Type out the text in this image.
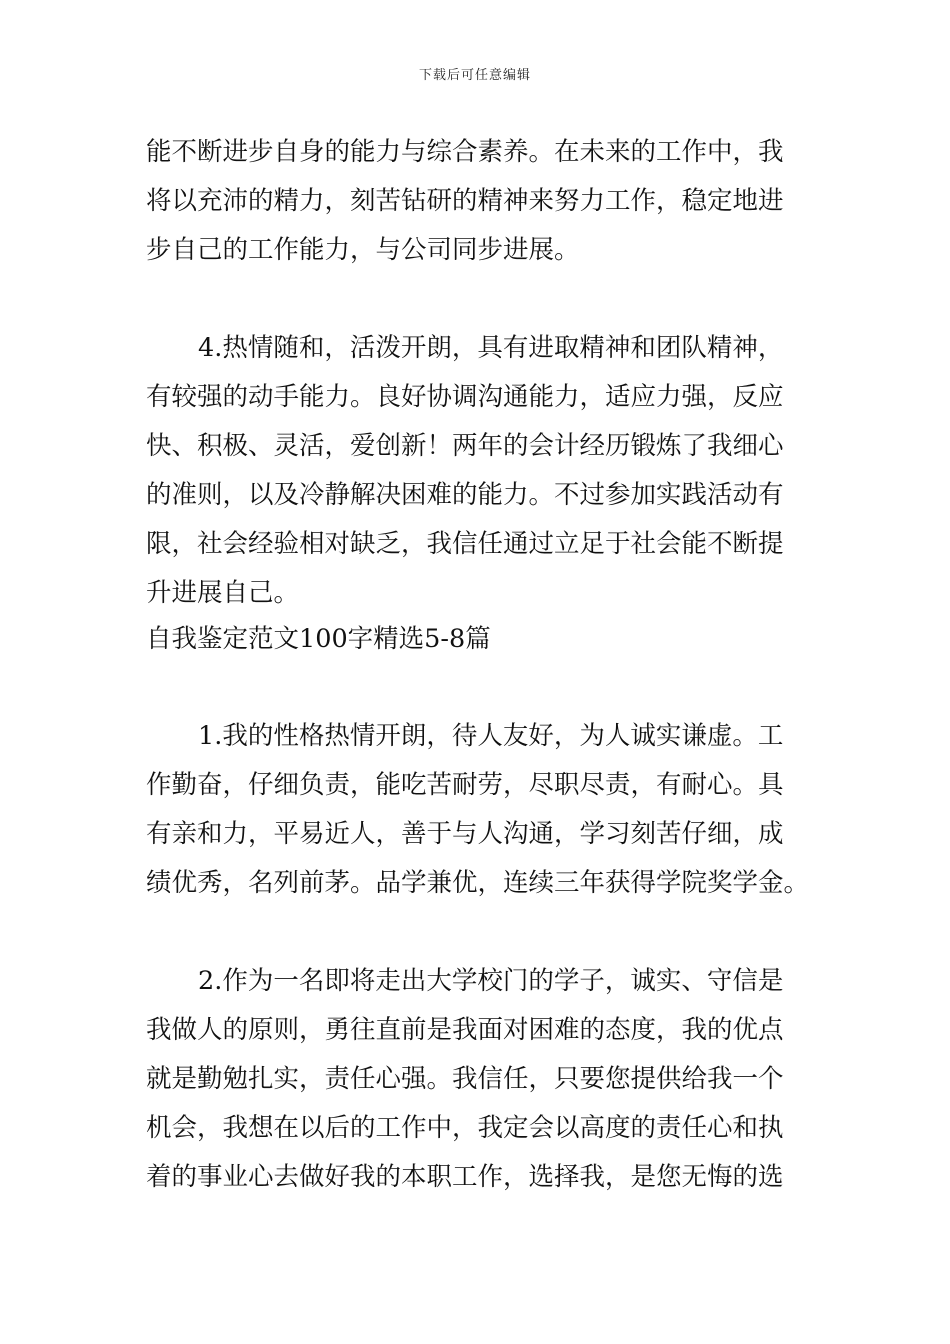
下载后可任意编辑
能不断进步自身的能力与综合素养。在未来的工作中，我
将以充沛的精力，刻苦钻研的精神来努力工作，稳定地进
步自己的工作能力，与公司同步进展。
4.热情随和，活泼开朗，具有进取精神和团队精神，
有较强的动手能力。良好协调沟通能力，适应力强，反应
快、积极、灵活，爱创新！两年的会计经历锻炼了我细心
的准则，以及冷静解决困难的能力。不过参加实践活动有
限，社会经验相对缺乏，我信任通过立足于社会能不断提
升进展自己。
自我鉴定范文100字精选5-8篇
1.我的性格热情开朗，待人友好，为人诚实谦虚。工
作勤奋，仔细负责，能吃苦耐劳，尽职尽责，有耐心。具
有亲和力，平易近人，善于与人沟通，学习刻苦仔细，成
绩优秀，名列前茅。品学兼优，连续三年获得学院奖学金。
2.作为一名即将走出大学校门的学子，诚实、守信是
我做人的原则，勇往直前是我面对困难的态度，我的优点
就是勤勉扎实，责任心强。我信任，只要您提供给我一个
机会，我想在以后的工作中，我定会以高度的责任心和执
着的事业心去做好我的本职工作，选择我，是您无悔的选
